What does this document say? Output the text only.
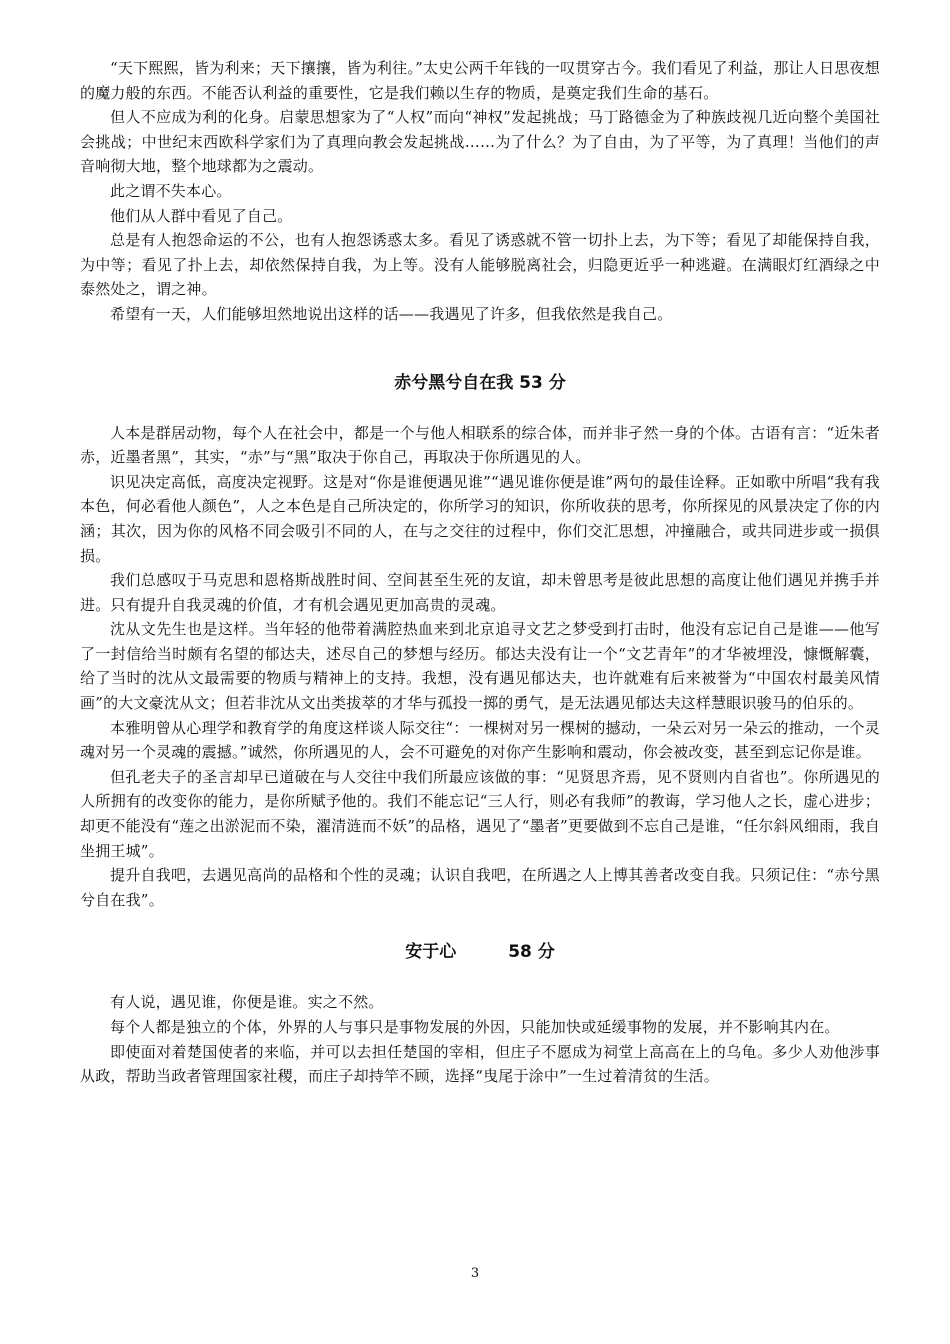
“天下熙熙，皆为利来；天下攘攘，皆为利往。”太史公两千年钱的一叹贯穿古今。我们看见了利益，那让人日思夜想的魔力般的东西。不能否认利益的重要性，它是我们赖以生存的物质，是奠定我们生命的基石。

但人不应成为利的化身。启蒙思想家为了“人权”而向“神权”发起挑战；马丁路德金为了种族歧视几近向整个美国社会挑战；中世纪末西欧科学家们为了真理向教会发起挑战……为了什么？为了自由，为了平等，为了真理！当他们的声音响彻大地，整个地球都为之震动。

此之谓不失本心。

他们从人群中看见了自己。

总是有人抱怨命运的不公，也有人抱怨诱惑太多。看见了诱惑就不管一切扑上去，为下等；看见了却能保持自我，为中等；看见了扑上去，却依然保持自我，为上等。没有人能够脱离社会，归隐更近乎一种逃避。在满眼灯红酒绿之中泰然处之，谓之神。

希望有一天，人们能够坦然地说出这样的话——我遇见了许多，但我依然是我自己。

赤兮黑兮自在我 53 分

人本是群居动物，每个人在社会中，都是一个与他人相联系的综合体，而并非孑然一身的个体。古语有言：“近朱者赤，近墨者黑”，其实，“赤”与“黑”取决于你自己，再取决于你所遇见的人。

识见决定高低，高度决定视野。这是对“你是谁便遇见谁”“遇见谁你便是谁”两句的最佳诠释。正如歌中所唱“我有我本色，何必看他人颜色”，人之本色是自己所决定的，你所学习的知识，你所收获的思考，你所探见的风景决定了你的内涵；其次，因为你的风格不同会吸引不同的人，在与之交往的过程中，你们交汇思想，冲撞融合，或共同进步或一损俱损。

我们总感叹于马克思和恩格斯战胜时间、空间甚至生死的友谊，却未曾思考是彼此思想的高度让他们遇见并携手并进。只有提升自我灵魂的价值，才有机会遇见更加高贵的灵魂。

沈从文先生也是这样。当年轻的他带着满腔热血来到北京追寻文艺之梦受到打击时，他没有忘记自己是谁——他写了一封信给当时颇有名望的郁达夫，述尽自己的梦想与经历。郁达夫没有让一个“文艺青年”的才华被埋没，慷慨解囊，给了当时的沈从文最需要的物质与精神上的支持。我想，没有遇见郁达夫，也许就难有后来被誉为“中国农村最美风情画”的大文豪沈从文；但若非沈从文出类拔萃的才华与孤投一掷的勇气，是无法遇见郁达夫这样慧眼识骏马的伯乐的。

本雅明曾从心理学和教育学的角度这样谈人际交往“：一棵树对另一棵树的撼动，一朵云对另一朵云的推动，一个灵魂对另一个灵魂的震撼。”诚然，你所遇见的人，会不可避免的对你产生影响和震动，你会被改变，甚至到忘记你是谁。

但孔老夫子的圣言却早已道破在与人交往中我们所最应该做的事：“见贤思齐焉，见不贤则内自省也”。你所遇见的人所拥有的改变你的能力，是你所赋予他的。我们不能忘记“三人行，则必有我师”的教诲，学习他人之长，虚心进步；却更不能没有“莲之出淤泥而不染，濯清涟而不妖”的品格，遇见了“墨者”更要做到不忘自己是谁，“任尔斜风细雨，我自坐拥王城”。

提升自我吧，去遇见高尚的品格和个性的灵魂；认识自我吧，在所遇之人上博其善者改变自我。只须记住：“赤兮黑兮自在我”。

安于心	58 分

有人说，遇见谁，你便是谁。实之不然。

每个人都是独立的个体，外界的人与事只是事物发展的外因，只能加快或延缓事物的发展，并不影响其内在。

即使面对着楚国使者的来临，并可以去担任楚国的宰相，但庄子不愿成为祠堂上高高在上的乌龟。多少人劝他涉事从政，帮助当政者管理国家社稷，而庄子却持竿不顾，选择“曳尾于涂中”一生过着清贫的生活。

3
